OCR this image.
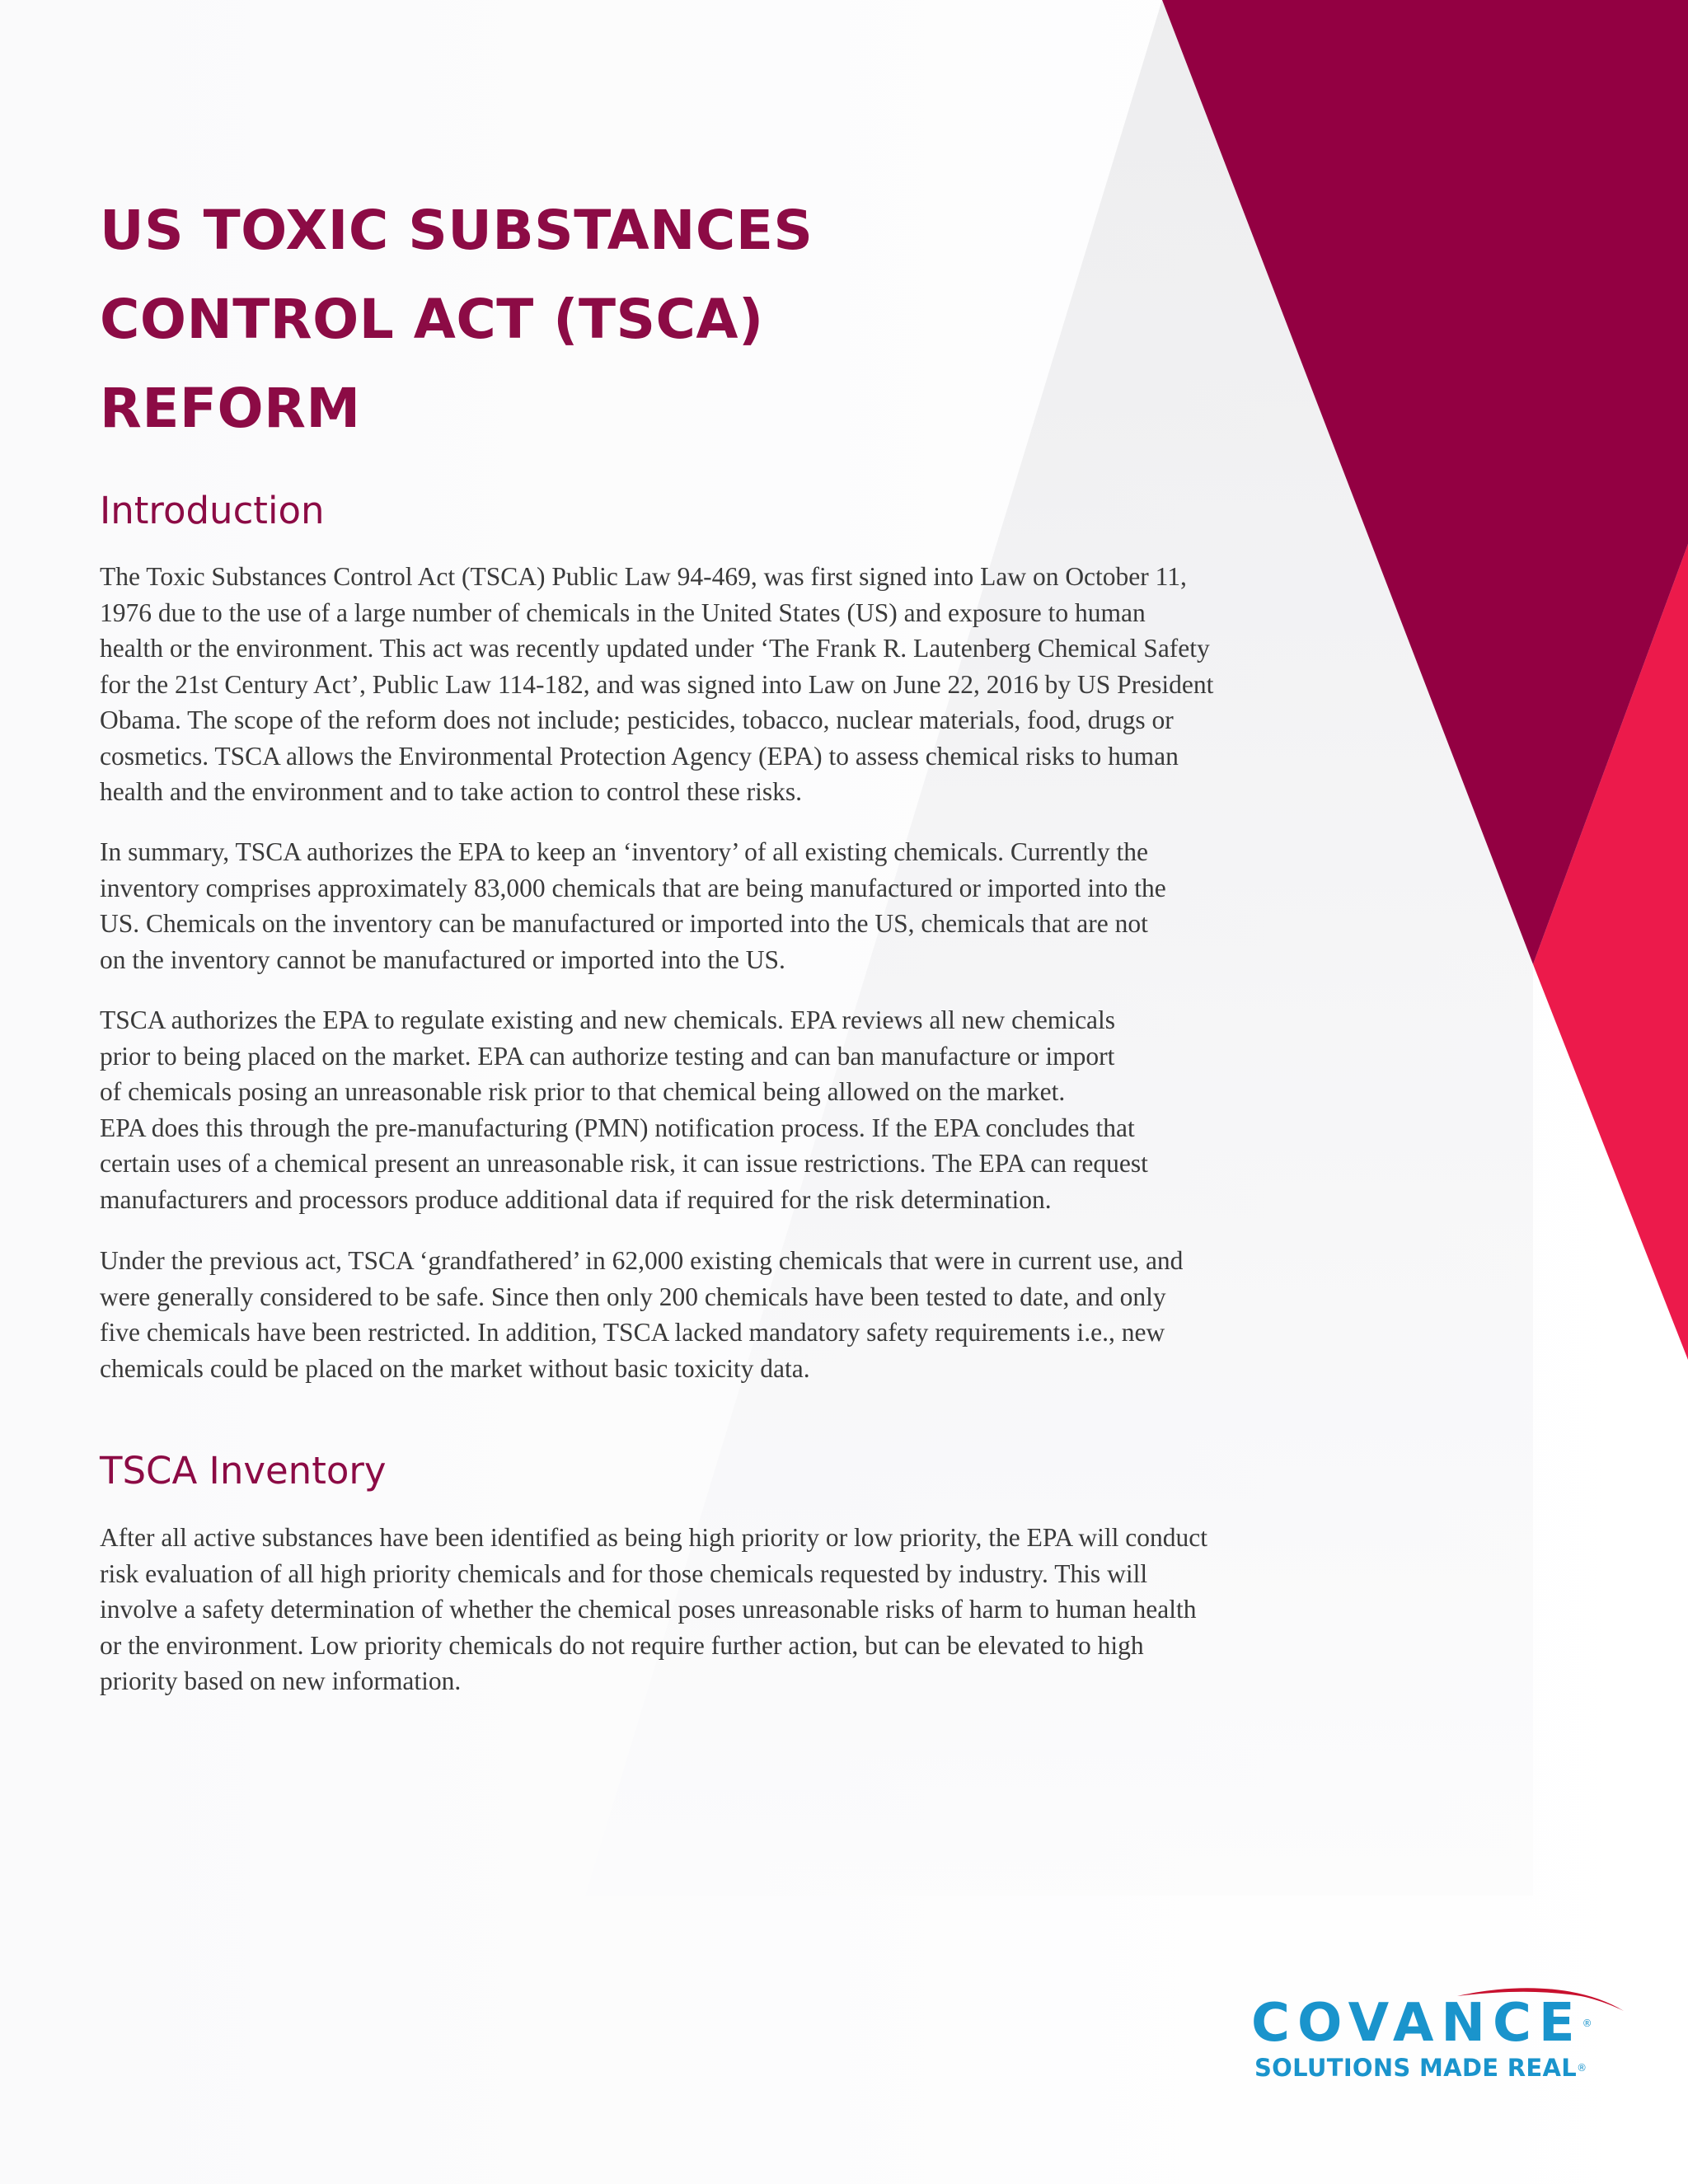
US TOXIC SUBSTANCES
CONTROL ACT (TSCA)
REFORM
Introduction

The Toxic Substances Control Act (TSCA) Public Law 94-469, was first signed into Law on October 11,
1976 due to the use of a large number of chemicals in the United States (US) and exposure to human
health or the environment. This act was recently updated under ‘The Frank R. Lautenberg Chemical Safety
for the 21st Century Act’, Public Law 114-182, and was signed into Law on June 22, 2016 by US President
Obama. The scope of the reform does not include; pesticides, tobacco, nuclear materials, food, drugs or
cosmetics. TSCA allows the Environmental Protection Agency (EPA) to assess chemical risks to human
health and the environment and to take action to control these risks.

In summary, TSCA authorizes the EPA to keep an ‘inventory’ of all existing chemicals. Currently the
inventory comprises approximately 83,000 chemicals that are being manufactured or imported into the
US. Chemicals on the inventory can be manufactured or imported into the US, chemicals that are not
on the inventory cannot be manufactured or imported into the US.

TSCA authorizes the EPA to regulate existing and new chemicals. EPA reviews all new chemicals
prior to being placed on the market. EPA can authorize testing and can ban manufacture or import
of chemicals posing an unreasonable risk prior to that chemical being allowed on the market.
EPA does this through the pre-manufacturing (PMN) notification process. If the EPA concludes that
certain uses of a chemical present an unreasonable risk, it can issue restrictions. The EPA can request
manufacturers and processors produce additional data if required for the risk determination.

Under the previous act, TSCA ‘grandfathered’ in 62,000 existing chemicals that were in current use, and
were generally considered to be safe. Since then only 200 chemicals have been tested to date, and only
five chemicals have been restricted. In addition, TSCA lacked mandatory safety requirements i.e., new
chemicals could be placed on the market without basic toxicity data.

TSCA Inventory

After all active substances have been identified as being high priority or low priority, the EPA will conduct
risk evaluation of all high priority chemicals and for those chemicals requested by industry. This will
involve a safety determination of whether the chemical poses unreasonable risks of harm to human health
or the environment. Low priority chemicals do not require further action, but can be elevated to high
priority based on new information.

COVANCE®
SOLUTIONS MADE REAL®
